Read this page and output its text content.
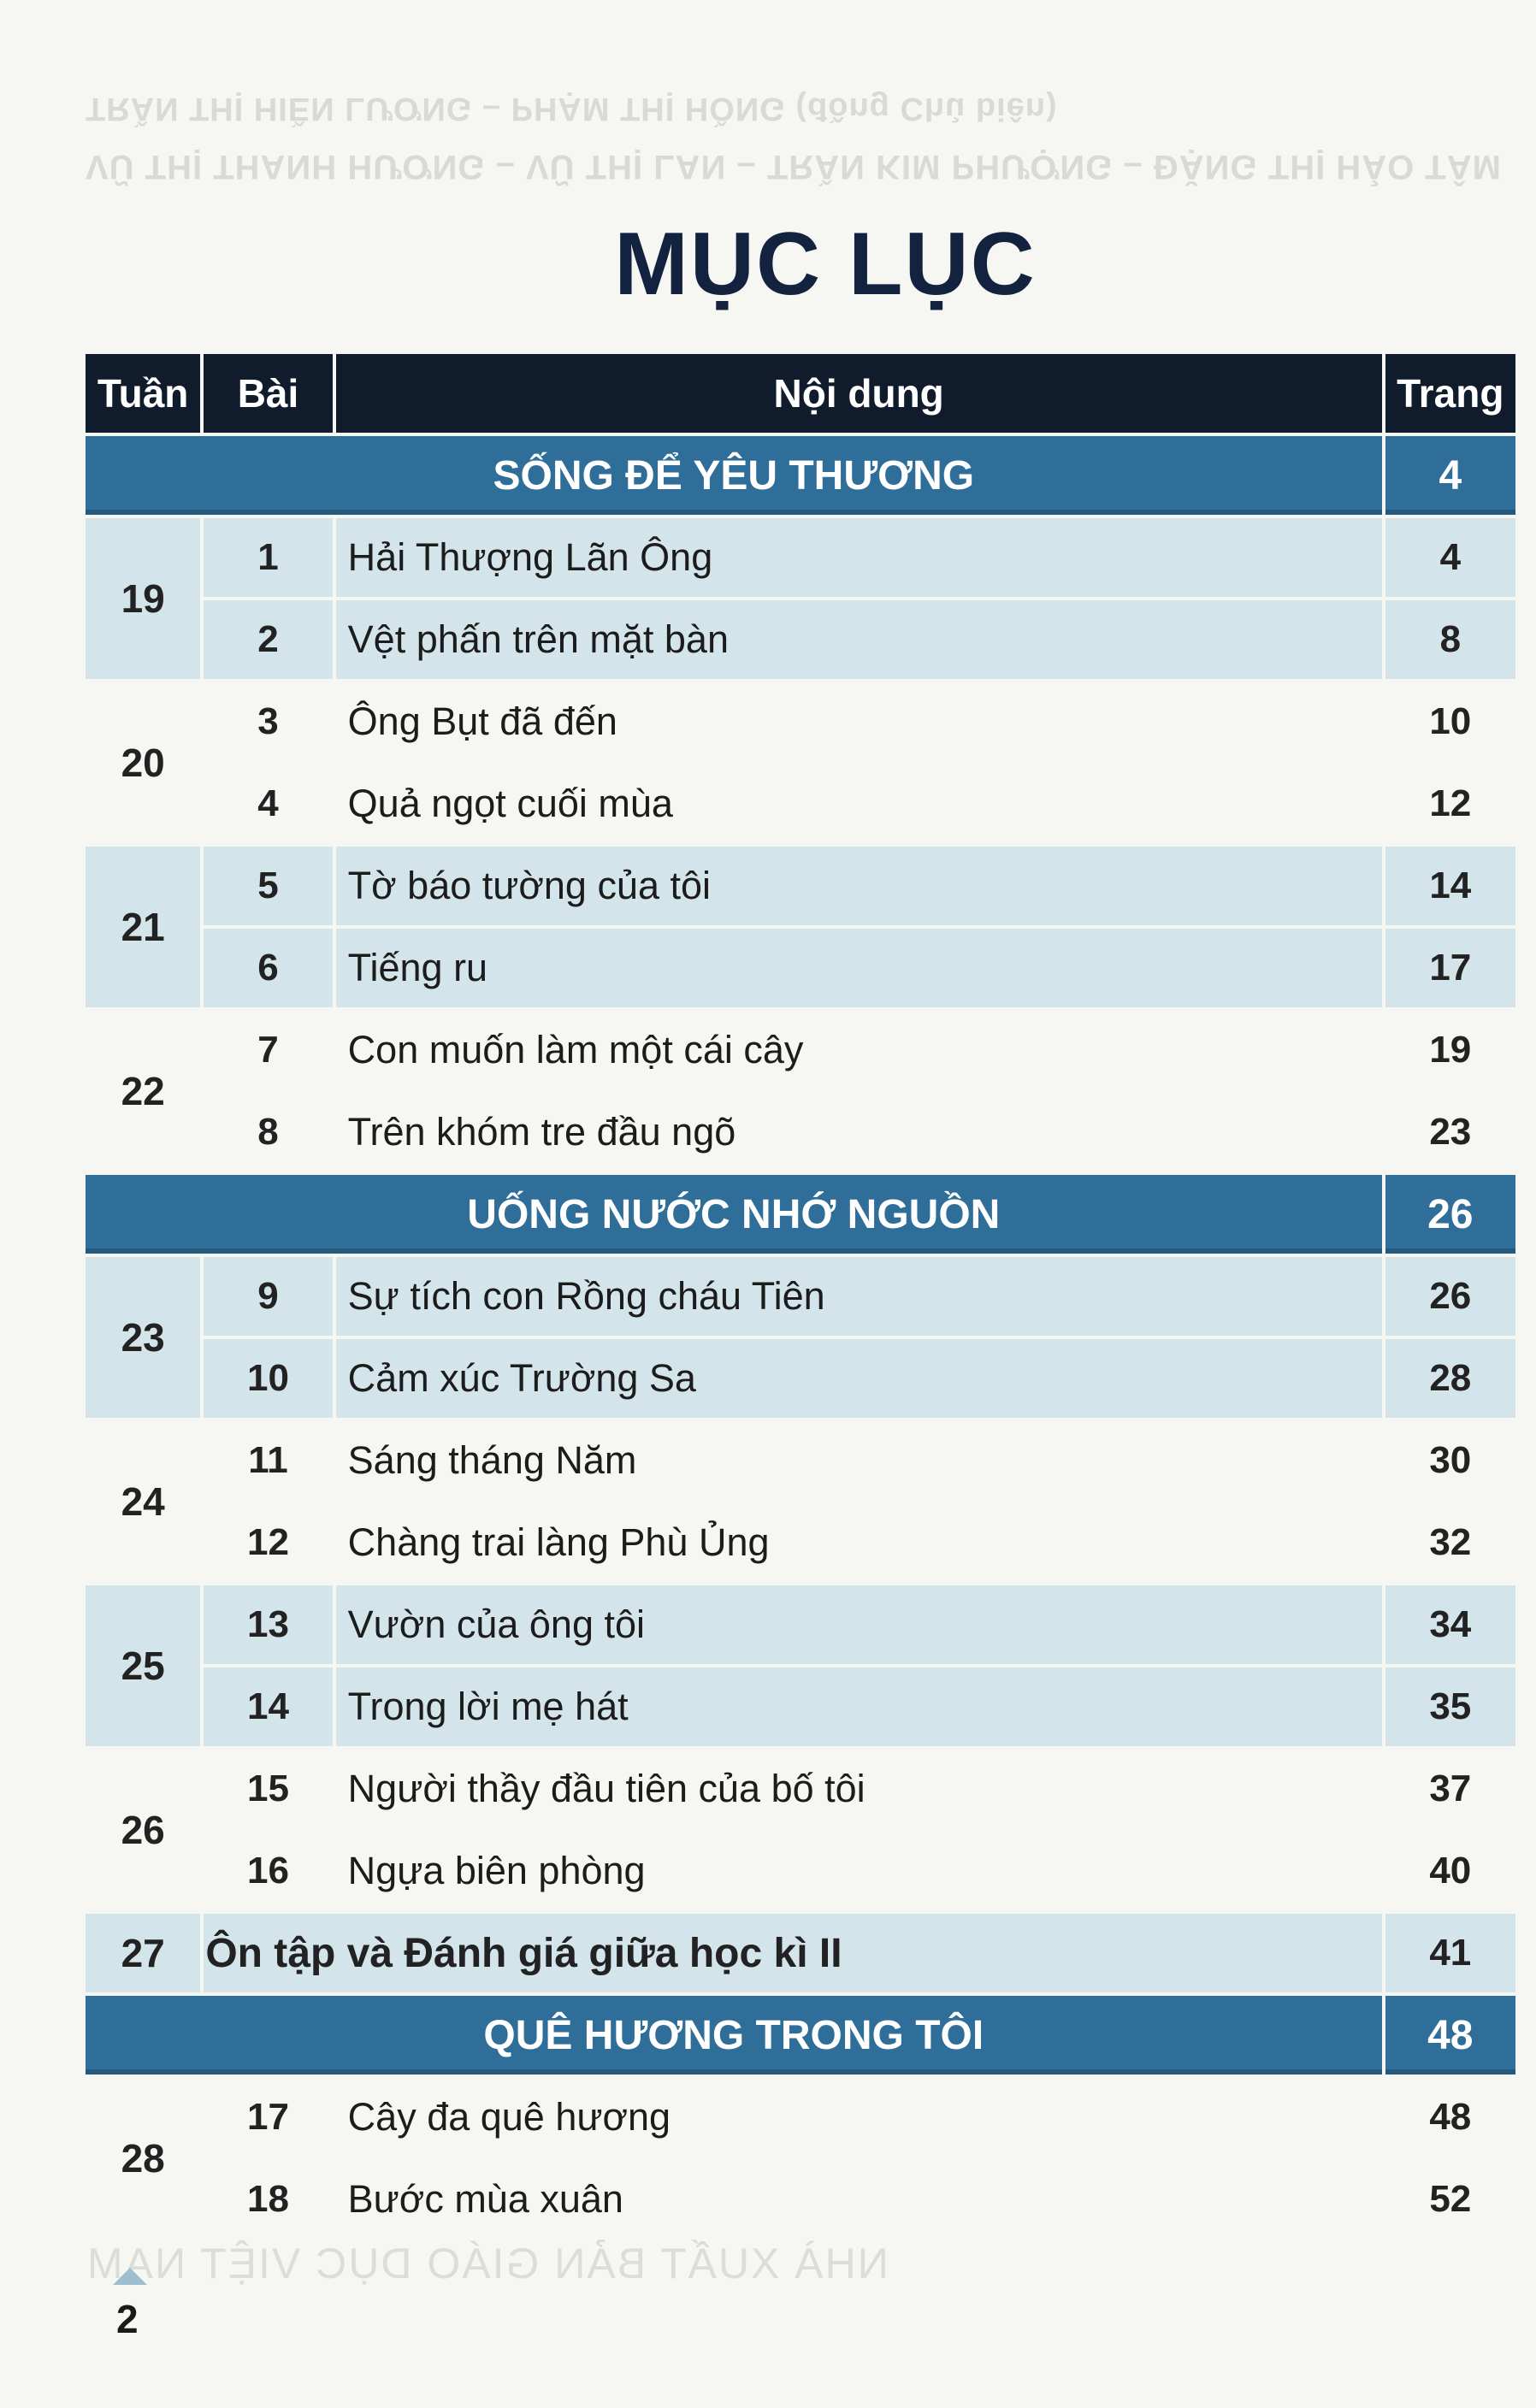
TRẦN THỊ HIỀN LƯƠNG – PHẠM THỊ HỒNG (đồng Chủ biên)
VŨ THỊ THANH HƯƠNG – VŨ THỊ LAN – TRẦN KIM PHƯỢNG – ĐẶNG THỊ HẢO TÂM
MỤC LỤC
Tuần	Bài	Nội dung	Trang
SỐNG ĐỂ YÊU THƯƠNG			4
19	1	Hải Thượng Lãn Ông	4
	2	Vệt phấn trên mặt bàn	8
20	3	Ông Bụt đã đến	10
	4	Quả ngọt cuối mùa	12
21	5	Tờ báo tường của tôi	14
	6	Tiếng ru	17
22	7	Con muốn làm một cái cây	19
	8	Trên khóm tre đầu ngõ	23
UỐNG NƯỚC NHỚ NGUỒN			26
23	9	Sự tích con Rồng cháu Tiên	26
	10	Cảm xúc Trường Sa	28
24	11	Sáng tháng Năm	30
	12	Chàng trai làng Phù Ủng	32
25	13	Vườn của ông tôi	34
	14	Trong lời mẹ hát	35
26	15	Người thầy đầu tiên của bố tôi	37
	16	Ngựa biên phòng	40
27	Ôn tập và Đánh giá giữa học kì II		41
QUÊ HƯƠNG TRONG TÔI			48
28	17	Cây đa quê hương	48
	18	Bước mùa xuân	52
NHÀ XUẤT BẢN GIÁO DỤC VIỆT NAM
2
